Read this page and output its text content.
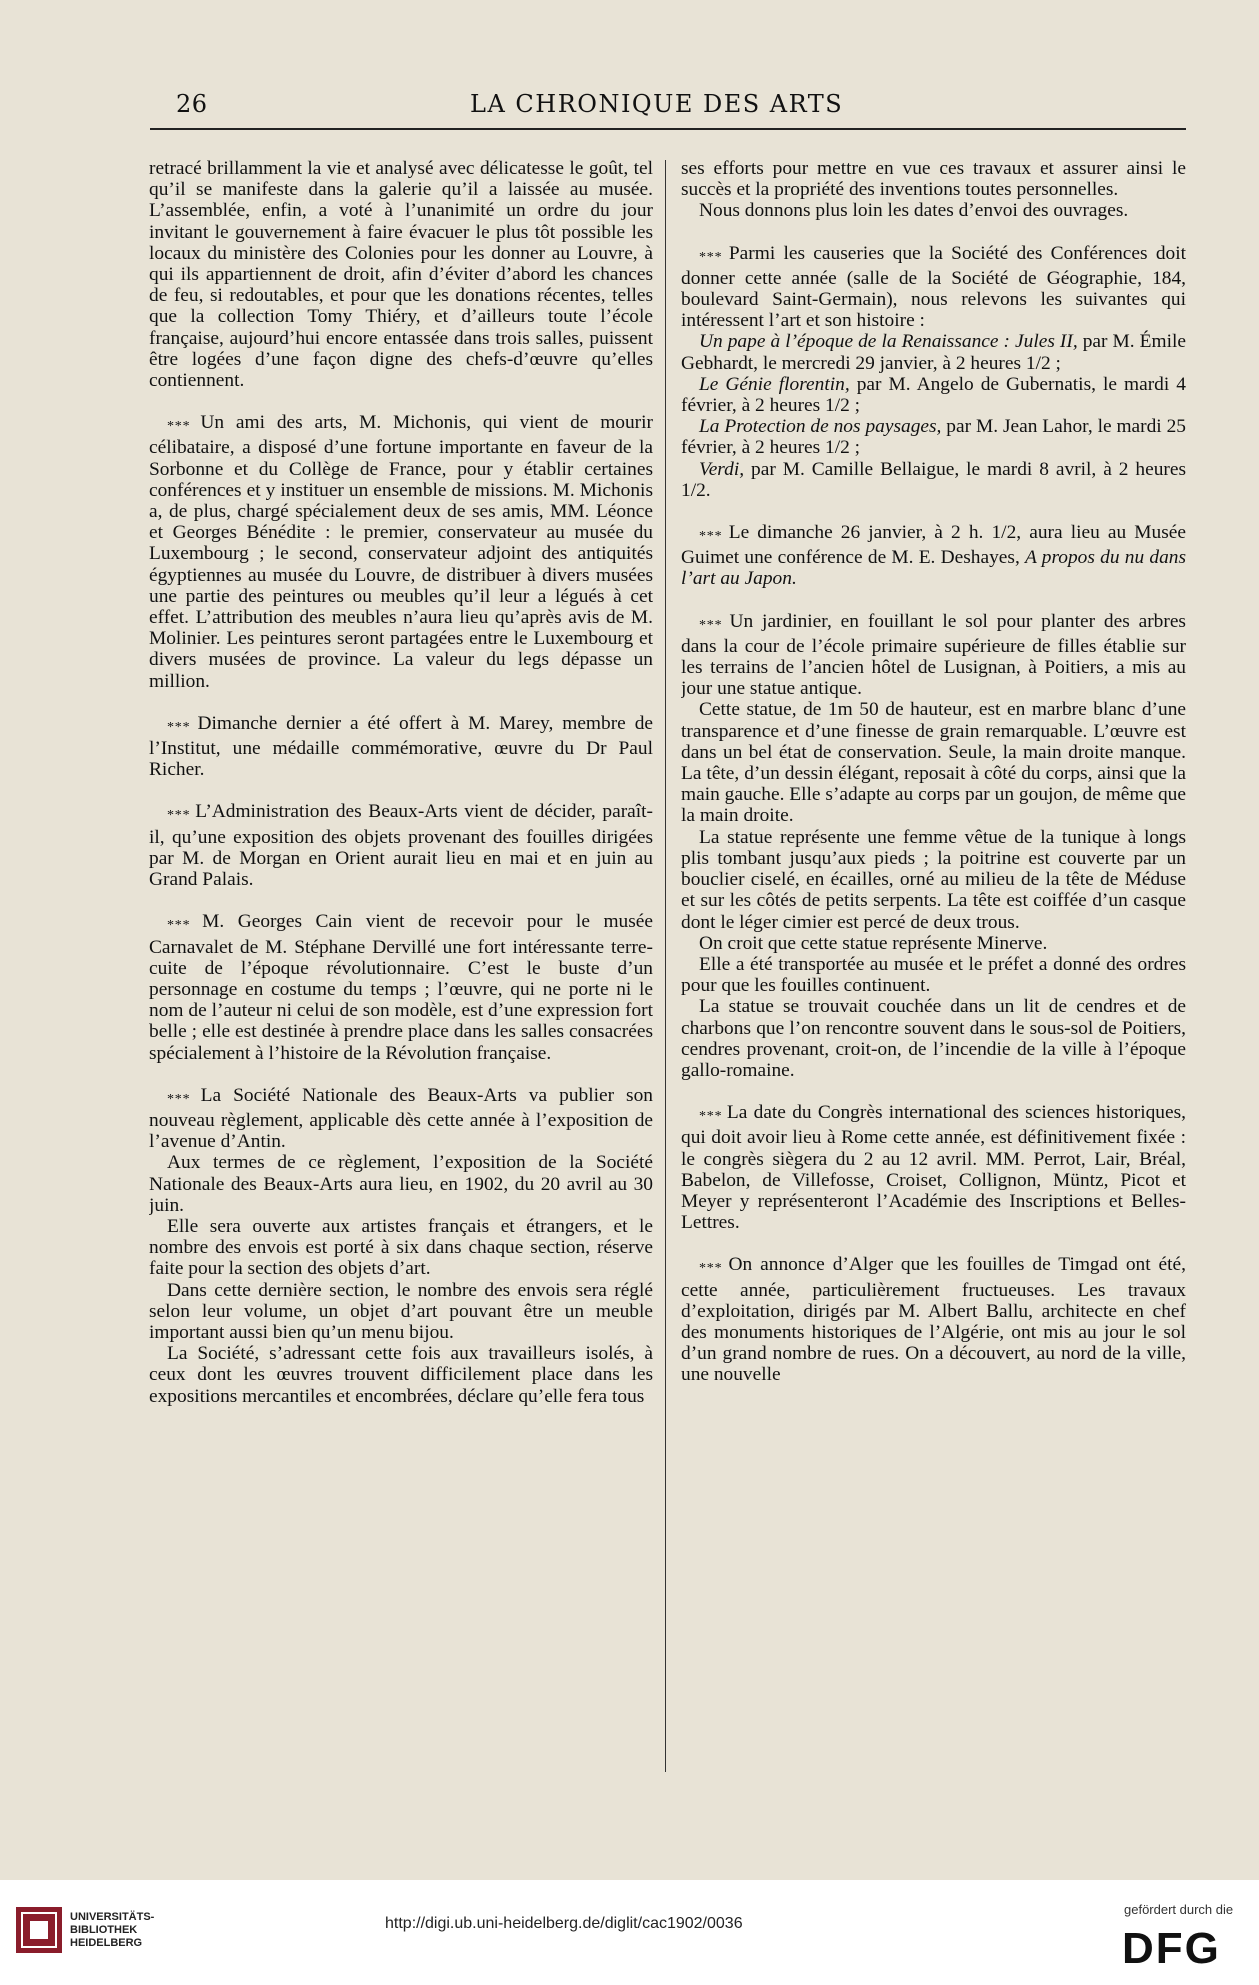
26	LA CHRONIQUE DES ARTS

retracé brillamment la vie et analysé avec délicatesse le goût, tel qu’il se manifeste dans la galerie qu’il a laissée au musée. L’assemblée, enfin, a voté à l’unanimité un ordre du jour invitant le gouvernement à faire évacuer le plus tôt possible les locaux du ministère des Colonies pour les donner au Louvre, à qui ils appartiennent de droit, afin d’éviter d’abord les chances de feu, si redoutables, et pour que les donations récentes, telles que la collection Tomy Thiéry, et d’ailleurs toute l’école française, aujourd’hui encore entassée dans trois salles, puissent être logées d’une façon digne des chefs-d’œuvre qu’elles contiennent.

* * * Un ami des arts, M. Michonis, qui vient de mourir célibataire, a disposé d’une fortune importante en faveur de la Sorbonne et du Collège de France, pour y établir certaines conférences et y instituer un ensemble de missions. M. Michonis a, de plus, chargé spécialement deux de ses amis, MM. Léonce et Georges Bénédite : le premier, conservateur au musée du Luxembourg ; le second, conservateur adjoint des antiquités égyptiennes au musée du Louvre, de distribuer à divers musées une partie des peintures ou meubles qu’il leur a légués à cet effet. L’attribution des meubles n’aura lieu qu’après avis de M. Molinier. Les peintures seront partagées entre le Luxembourg et divers musées de province. La valeur du legs dépasse un million.

* * * Dimanche dernier a été offert à M. Marey, membre de l’Institut, une médaille commémorative, œuvre du Dr Paul Richer.

* * * L’Administration des Beaux-Arts vient de décider, paraît-il, qu’une exposition des objets provenant des fouilles dirigées par M. de Morgan en Orient aurait lieu en mai et en juin au Grand Palais.

* * * M. Georges Cain vient de recevoir pour le musée Carnavalet de M. Stéphane Dervillé une fort intéressante terre-cuite de l’époque révolutionnaire. C’est le buste d’un personnage en costume du temps ; l’œuvre, qui ne porte ni le nom de l’auteur ni celui de son modèle, est d’une expression fort belle ; elle est destinée à prendre place dans les salles consacrées spécialement à l’histoire de la Révolution française.

* * * La Société Nationale des Beaux-Arts va publier son nouveau règlement, applicable dès cette année à l’exposition de l’avenue d’Antin.

Aux termes de ce règlement, l’exposition de la Société Nationale des Beaux-Arts aura lieu, en 1902, du 20 avril au 30 juin.

Elle sera ouverte aux artistes français et étrangers, et le nombre des envois est porté à six dans chaque section, réserve faite pour la section des objets d’art.

Dans cette dernière section, le nombre des envois sera réglé selon leur volume, un objet d’art pouvant être un meuble important aussi bien qu’un menu bijou.

La Société, s’adressant cette fois aux travailleurs isolés, à ceux dont les œuvres trouvent difficilement place dans les expositions mercantiles et encombrées, déclare qu’elle fera tous

ses efforts pour mettre en vue ces travaux et assurer ainsi le succès et la propriété des inventions toutes personnelles.

Nous donnons plus loin les dates d’envoi des ouvrages.

* * * Parmi les causeries que la Société des Conférences doit donner cette année (salle de la Société de Géographie, 184, boulevard Saint-Germain), nous relevons les suivantes qui intéressent l’art et son histoire :

Un pape à l’époque de la Renaissance : Jules II, par M. Émile Gebhardt, le mercredi 29 janvier, à 2 heures 1/2 ;

Le Génie florentin, par M. Angelo de Gubernatis, le mardi 4 février, à 2 heures 1/2 ;

La Protection de nos paysages, par M. Jean Lahor, le mardi 25 février, à 2 heures 1/2 ;

Verdi, par M. Camille Bellaigue, le mardi 8 avril, à 2 heures 1/2.

* * * Le dimanche 26 janvier, à 2 h. 1/2, aura lieu au Musée Guimet une conférence de M. E. Deshayes, A propos du nu dans l’art au Japon.

* * * Un jardinier, en fouillant le sol pour planter des arbres dans la cour de l’école primaire supérieure de filles établie sur les terrains de l’ancien hôtel de Lusignan, à Poitiers, a mis au jour une statue antique.

Cette statue, de 1m 50 de hauteur, est en marbre blanc d’une transparence et d’une finesse de grain remarquable. L’œuvre est dans un bel état de conservation. Seule, la main droite manque. La tête, d’un dessin élégant, reposait à côté du corps, ainsi que la main gauche. Elle s’adapte au corps par un goujon, de même que la main droite.

La statue représente une femme vêtue de la tunique à longs plis tombant jusqu’aux pieds ; la poitrine est couverte par un bouclier ciselé, en écailles, orné au milieu de la tête de Méduse et sur les côtés de petits serpents. La tête est coiffée d’un casque dont le léger cimier est percé de deux trous.

On croit que cette statue représente Minerve.

Elle a été transportée au musée et le préfet a donné des ordres pour que les fouilles continuent.

La statue se trouvait couchée dans un lit de cendres et de charbons que l’on rencontre souvent dans le sous-sol de Poitiers, cendres provenant, croit-on, de l’incendie de la ville à l’époque gallo-romaine.

* * * La date du Congrès international des sciences historiques, qui doit avoir lieu à Rome cette année, est définitivement fixée : le congrès siègera du 2 au 12 avril. MM. Perrot, Lair, Bréal, Babelon, de Villefosse, Croiset, Collignon, Müntz, Picot et Meyer y représenteront l’Académie des Inscriptions et Belles-Lettres.

* * * On annonce d’Alger que les fouilles de Timgad ont été, cette année, particulièrement fructueuses. Les travaux d’exploitation, dirigés par M. Albert Ballu, architecte en chef des monuments historiques de l’Algérie, ont mis au jour le sol d’un grand nombre de rues. On a découvert, au nord de la ville, une nouvelle

UNIVERSITÄTS-
BIBLIOTHEK
HEIDELBERG
http://digi.ub.uni-heidelberg.de/diglit/cac1902/0036
gefördert durch die
DFG
